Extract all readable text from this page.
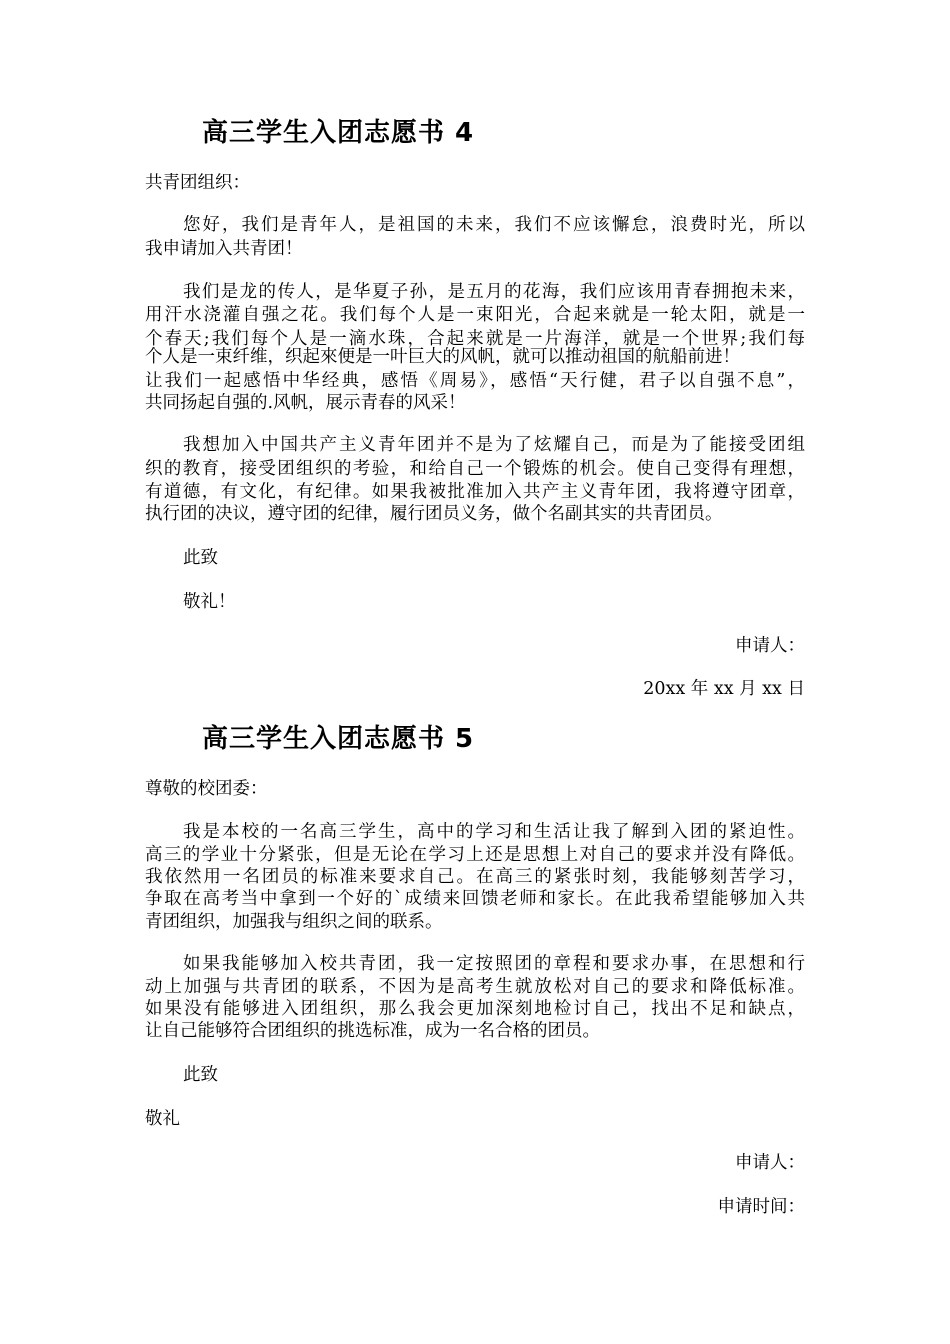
高三学生入团志愿书 4
共青团组织：
您好，我们是青年人，是祖国的未来，我们不应该懈怠，浪费时光，所以
我申请加入共青团！
我们是龙的传人，是华夏子孙，是五月的花海，我们应该用青春拥抱未来，
用汗水浇灌自强之花。我们每个人是一束阳光，合起来就是一轮太阳，就是一
个春天;我们每个人是一滴水珠，合起来就是一片海洋，就是一个世界;我们每
个人是一束纤维，织起來便是一叶巨大的风帆，就可以推动祖国的航船前进！
让我们一起感悟中华经典，感悟《周易》，感悟“天行健，君子以自强不息”，
共同扬起自强的.风帆，展示青春的风采！
我想加入中国共产主义青年团并不是为了炫耀自己，而是为了能接受团组
织的教育，接受团组织的考验，和给自己一个锻炼的机会。使自己变得有理想，
有道德，有文化，有纪律。如果我被批准加入共产主义青年团，我将遵守团章，
执行团的决议，遵守团的纪律，履行团员义务，做个名副其实的共青团员。
此致
敬礼！
申请人：
20xx 年 xx 月 xx 日
高三学生入团志愿书 5
尊敬的校团委：
我是本校的一名高三学生，高中的学习和生活让我了解到入团的紧迫性。
高三的学业十分紧张，但是无论在学习上还是思想上对自己的要求并没有降低。
我依然用一名团员的标准来要求自己。在高三的紧张时刻，我能够刻苦学习，
争取在高考当中拿到一个好的`成绩来回馈老师和家长。在此我希望能够加入共
青团组织，加强我与组织之间的联系。
如果我能够加入校共青团，我一定按照团的章程和要求办事，在思想和行
动上加强与共青团的联系，不因为是高考生就放松对自己的要求和降低标准。
如果没有能够进入团组织，那么我会更加深刻地检讨自己，找出不足和缺点，
让自己能够符合团组织的挑选标准，成为一名合格的团员。
此致
敬礼
申请人：
申请时间：
